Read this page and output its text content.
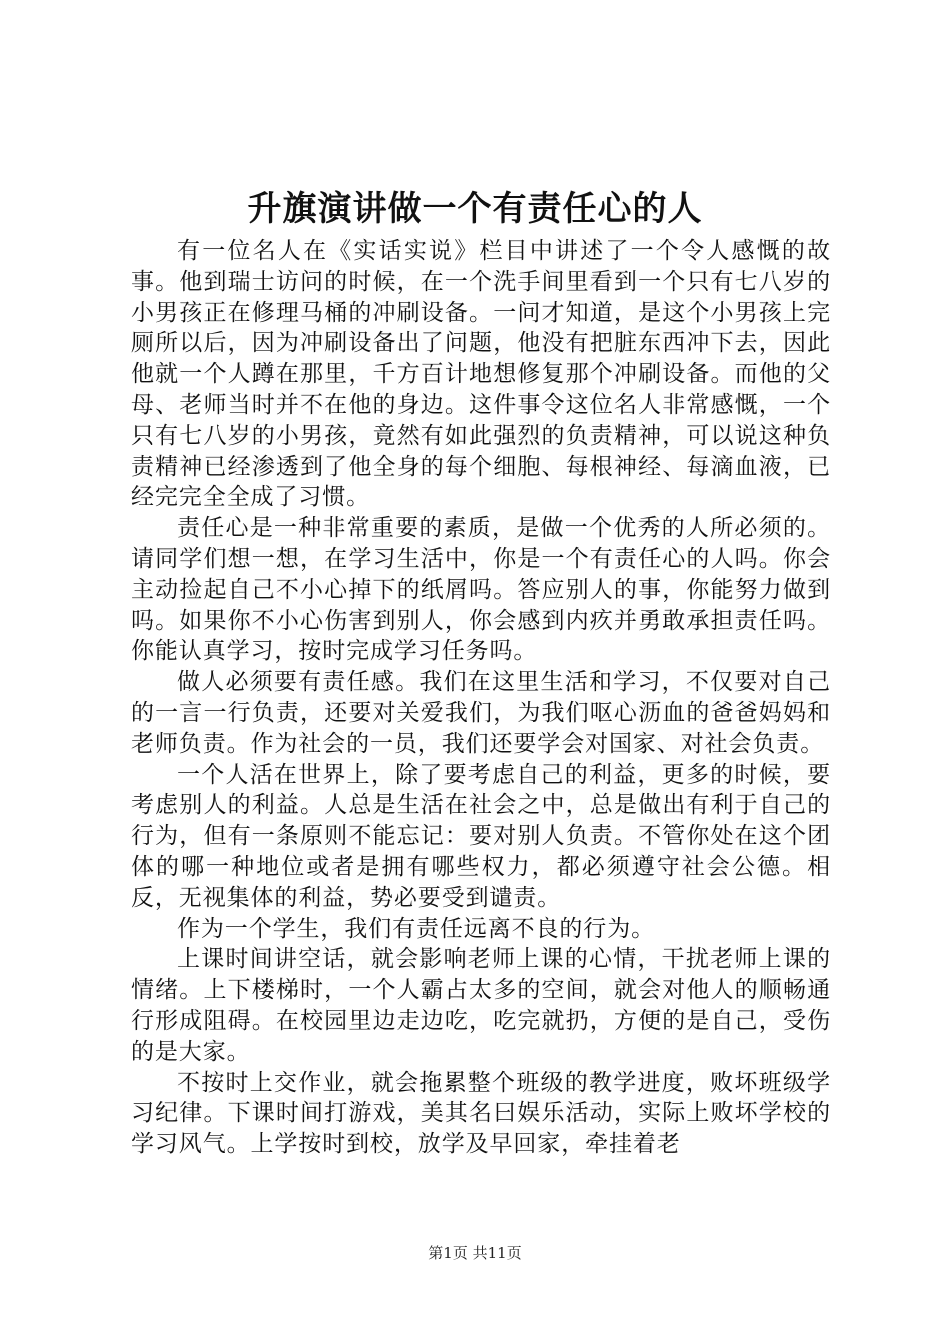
升旗演讲做一个有责任心的人

有一位名人在《实话实说》栏目中讲述了一个令人感慨的故事。他到瑞士访问的时候，在一个洗手间里看到一个只有七八岁的小男孩正在修理马桶的冲刷设备。一问才知道，是这个小男孩上完厕所以后，因为冲刷设备出了问题，他没有把脏东西冲下去，因此他就一个人蹲在那里，千方百计地想修复那个冲刷设备。而他的父母、老师当时并不在他的身边。这件事令这位名人非常感慨，一个只有七八岁的小男孩，竟然有如此强烈的负责精神，可以说这种负责精神已经渗透到了他全身的每个细胞、每根神经、每滴血液，已经完完全全成了习惯。

责任心是一种非常重要的素质，是做一个优秀的人所必须的。请同学们想一想，在学习生活中，你是一个有责任心的人吗。你会主动捡起自己不小心掉下的纸屑吗。答应别人的事，你能努力做到吗。如果你不小心伤害到别人，你会感到内疚并勇敢承担责任吗。你能认真学习，按时完成学习任务吗。

做人必须要有责任感。我们在这里生活和学习，不仅要对自己的一言一行负责，还要对关爱我们，为我们呕心沥血的爸爸妈妈和老师负责。作为社会的一员，我们还要学会对国家、对社会负责。

一个人活在世界上，除了要考虑自己的利益，更多的时候，要考虑别人的利益。人总是生活在社会之中，总是做出有利于自己的行为，但有一条原则不能忘记：要对别人负责。不管你处在这个团体的哪一种地位或者是拥有哪些权力，都必须遵守社会公德。相反，无视集体的利益，势必要受到谴责。

作为一个学生，我们有责任远离不良的行为。

上课时间讲空话，就会影响老师上课的心情，干扰老师上课的情绪。上下楼梯时，一个人霸占太多的空间，就会对他人的顺畅通行形成阻碍。在校园里边走边吃，吃完就扔，方便的是自己，受伤的是大家。

不按时上交作业，就会拖累整个班级的教学进度，败坏班级学习纪律。下课时间打游戏，美其名曰娱乐活动，实际上败坏学校的学习风气。上学按时到校，放学及早回家，牵挂着老

第1页 共11页
